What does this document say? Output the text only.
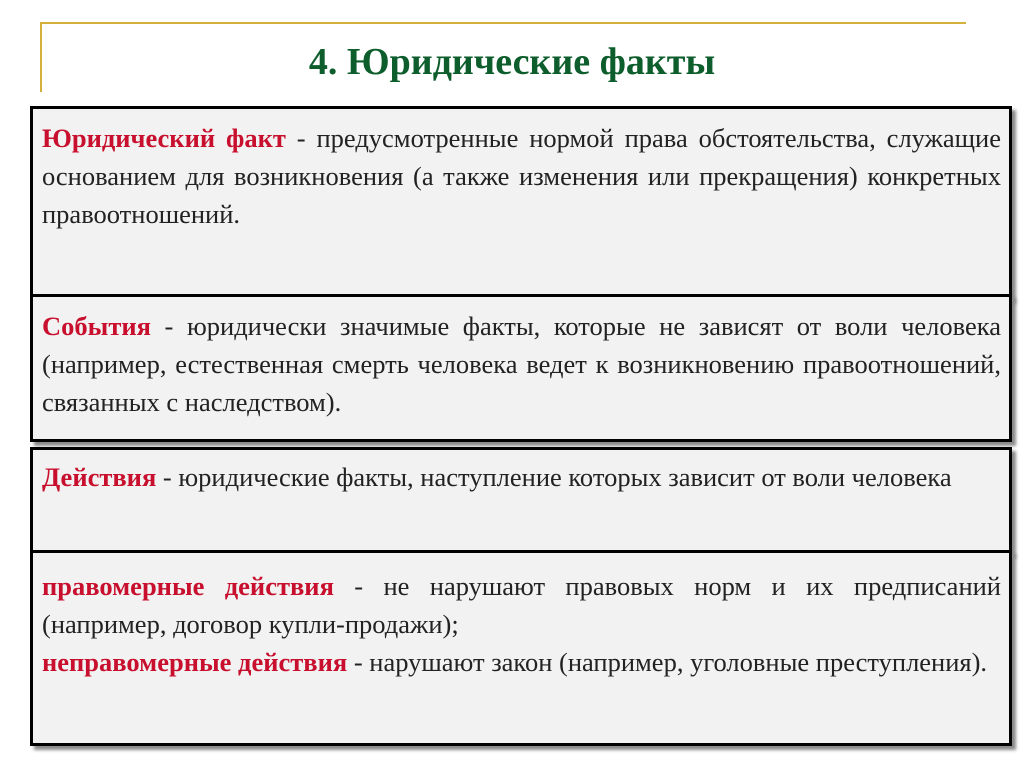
4. Юридические факты

Юридический факт - предусмотренные нормой права обстоятельства, служащие основанием для возникновения (а также изменения или прекращения) конкретных правоотношений.

События - юридически значимые факты, которые не зависят от воли человека (например, естественная смерть человека ведет к возникновению правоотношений, связанных с наследством).

Действия - юридические факты, наступление которых зависит от воли человека

правомерные действия - не нарушают правовых норм и их предписаний (например, договор купли-продажи);

неправомерные действия - нарушают закон (например, уголовные преступления).
